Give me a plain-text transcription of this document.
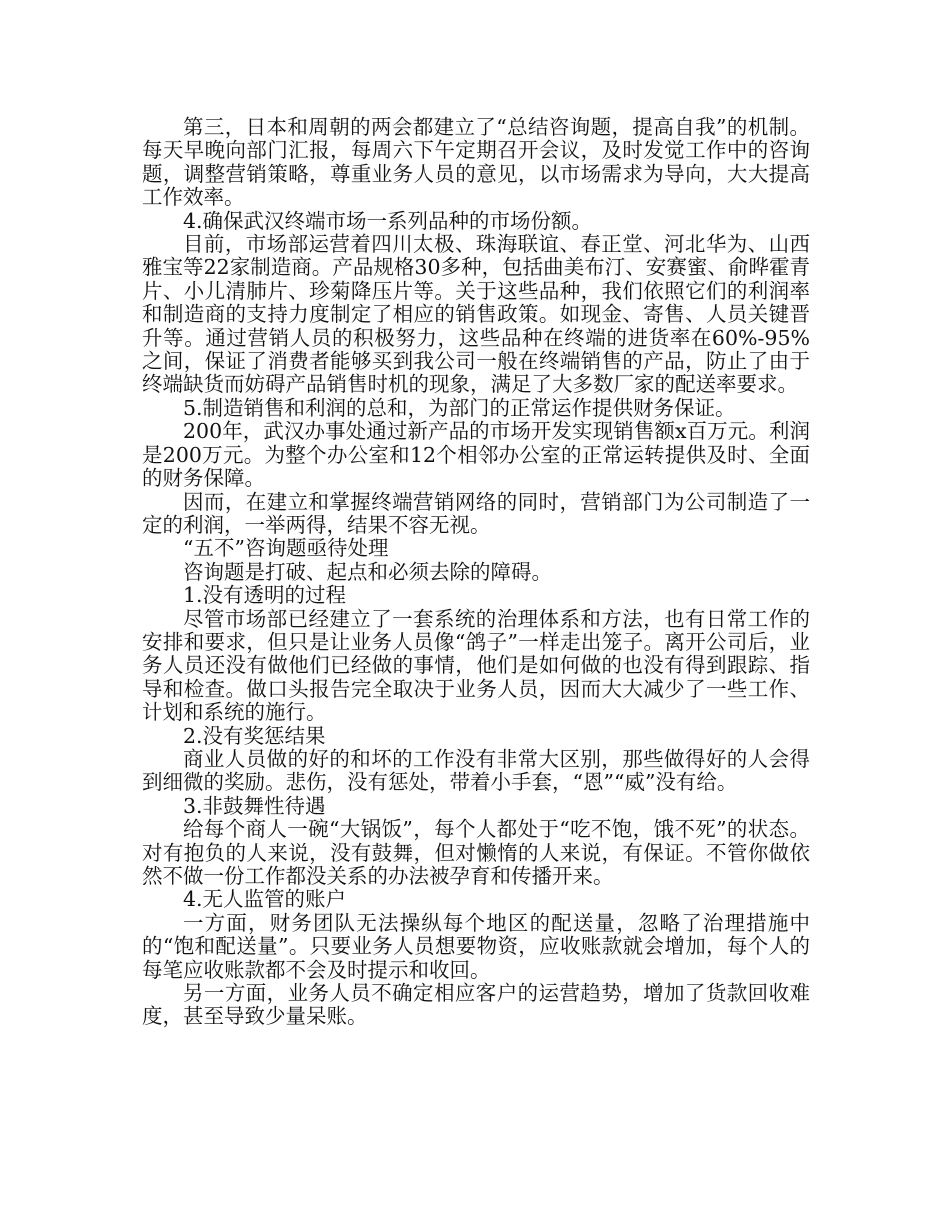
第三，日本和周朝的两会都建立了“总结咨询题，提高自我”的机制。每天早晚向部门汇报，每周六下午定期召开会议，及时发觉工作中的咨询题，调整营销策略，尊重业务人员的意见，以市场需求为导向，大大提高工作效率。

4.确保武汉终端市场一系列品种的市场份额。

目前，市场部运营着四川太极、珠海联谊、春正堂、河北华为、山西雅宝等22家制造商。产品规格30多种，包括曲美布汀、安赛蜜、俞晔霍青片、小儿清肺片、珍菊降压片等。关于这些品种，我们依照它们的利润率和制造商的支持力度制定了相应的销售政策。如现金、寄售、人员关键晋升等。通过营销人员的积极努力，这些品种在终端的进货率在60%-95%之间，保证了消费者能够买到我公司一般在终端销售的产品，防止了由于终端缺货而妨碍产品销售时机的现象，满足了大多数厂家的配送率要求。

5.制造销售和利润的总和，为部门的正常运作提供财务保证。

200年，武汉办事处通过新产品的市场开发实现销售额x百万元。利润是200万元。为整个办公室和12个相邻办公室的正常运转提供及时、全面的财务保障。

因而，在建立和掌握终端营销网络的同时，营销部门为公司制造了一定的利润，一举两得，结果不容无视。

“五不”咨询题亟待处理

咨询题是打破、起点和必须去除的障碍。

1.没有透明的过程

尽管市场部已经建立了一套系统的治理体系和方法，也有日常工作的安排和要求，但只是让业务人员像“鸽子”一样走出笼子。离开公司后，业务人员还没有做他们已经做的事情，他们是如何做的也没有得到跟踪、指导和检查。做口头报告完全取决于业务人员，因而大大减少了一些工作、计划和系统的施行。

2.没有奖惩结果

商业人员做的好的和坏的工作没有非常大区别，那些做得好的人会得到细微的奖励。悲伤，没有惩处，带着小手套，“恩”“威”没有给。

3.非鼓舞性待遇

给每个商人一碗“大锅饭”，每个人都处于“吃不饱，饿不死”的状态。对有抱负的人来说，没有鼓舞，但对懒惰的人来说，有保证。不管你做依然不做一份工作都没关系的办法被孕育和传播开来。

4.无人监管的账户

一方面，财务团队无法操纵每个地区的配送量，忽略了治理措施中的“饱和配送量”。只要业务人员想要物资，应收账款就会增加，每个人的每笔应收账款都不会及时提示和收回。

另一方面，业务人员不确定相应客户的运营趋势，增加了货款回收难度，甚至导致少量呆账。
